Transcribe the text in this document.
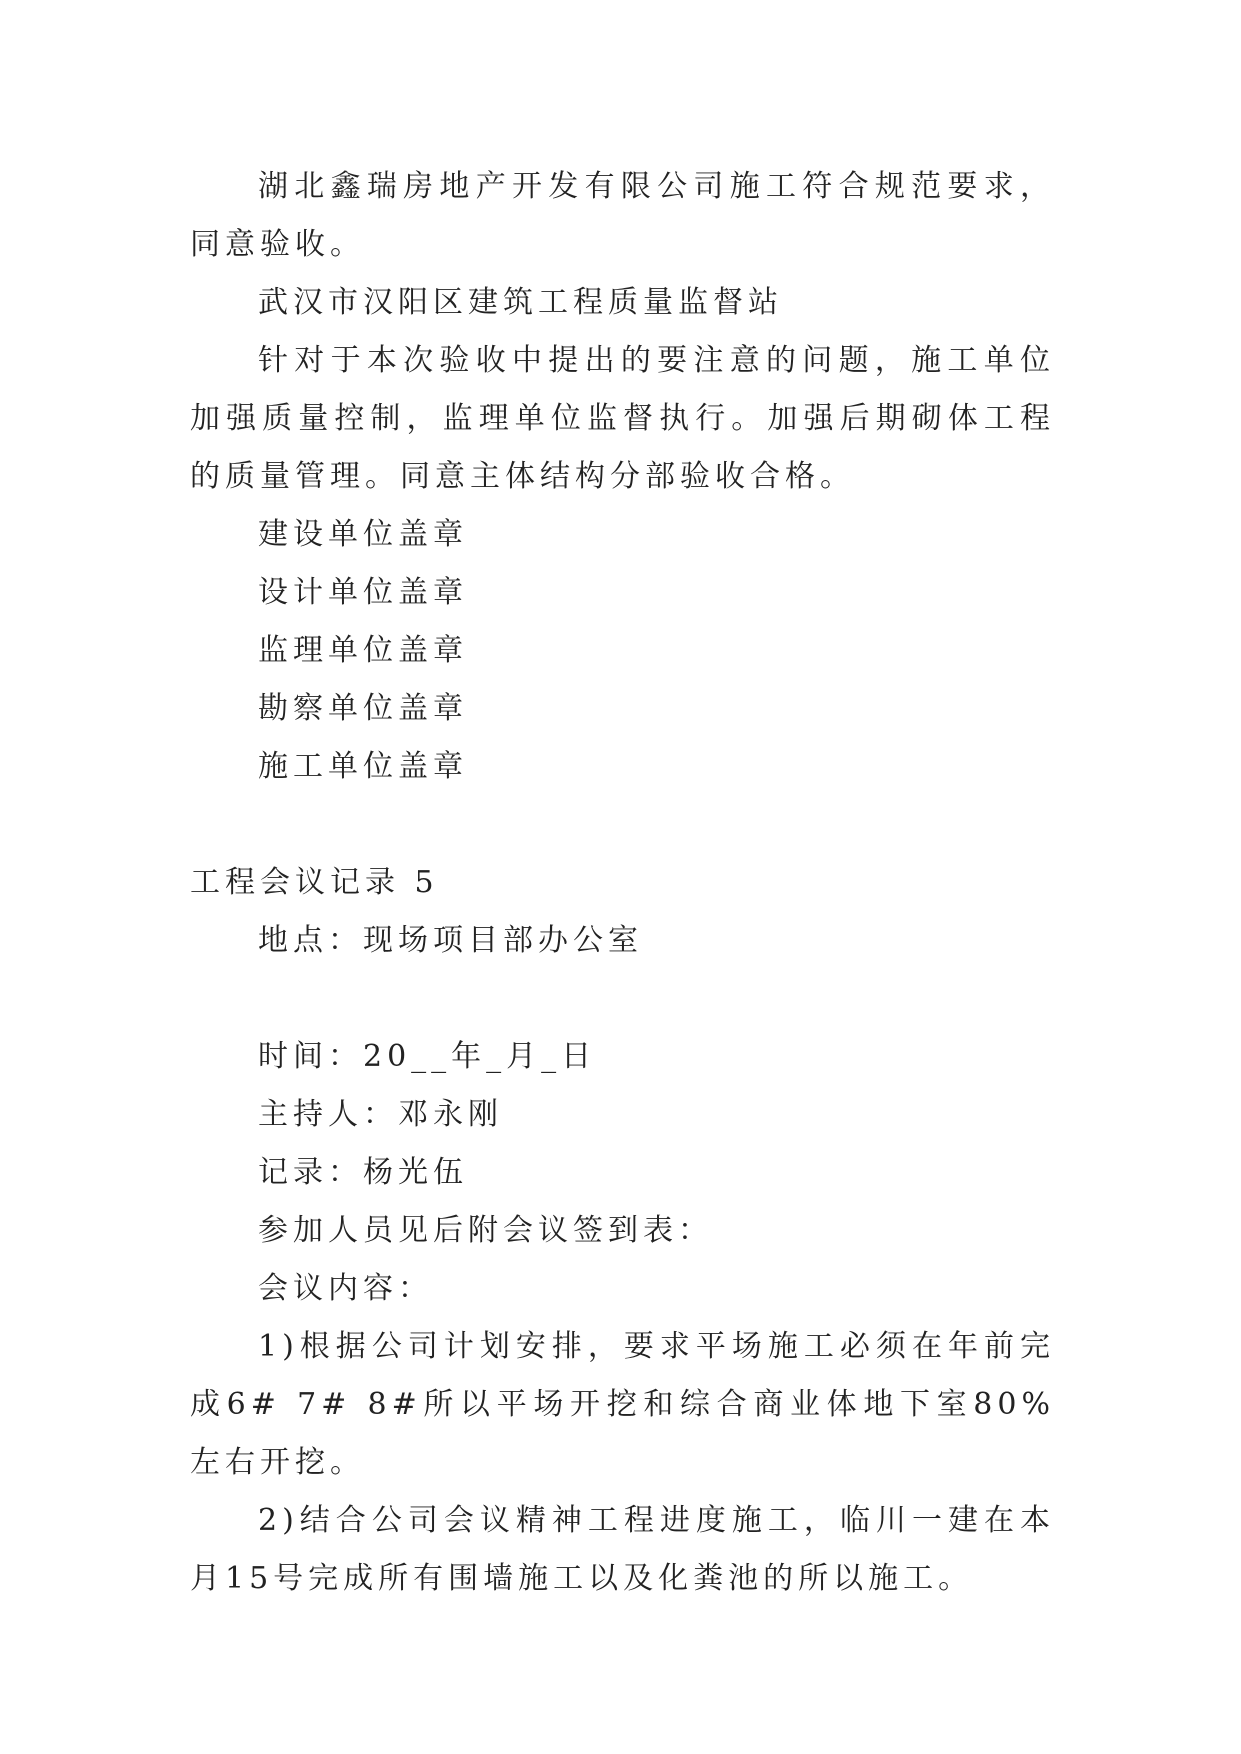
湖北鑫瑞房地产开发有限公司施工符合规范要求，同意验收。

武汉市汉阳区建筑工程质量监督站

针对于本次验收中提出的要注意的问题，施工单位加强质量控制，监理单位监督执行。加强后期砌体工程的质量管理。同意主体结构分部验收合格。

建设单位盖章

设计单位盖章

监理单位盖章

勘察单位盖章

施工单位盖章

工程会议记录 5

地点：现场项目部办公室

时间：20__年_月_日

主持人：邓永刚

记录：杨光伍

参加人员见后附会议签到表：

会议内容：

1)根据公司计划安排，要求平场施工必须在年前完成6# 7# 8#所以平场开挖和综合商业体地下室80%左右开挖。

2)结合公司会议精神工程进度施工，临川一建在本月15号完成所有围墙施工以及化粪池的所以施工。
